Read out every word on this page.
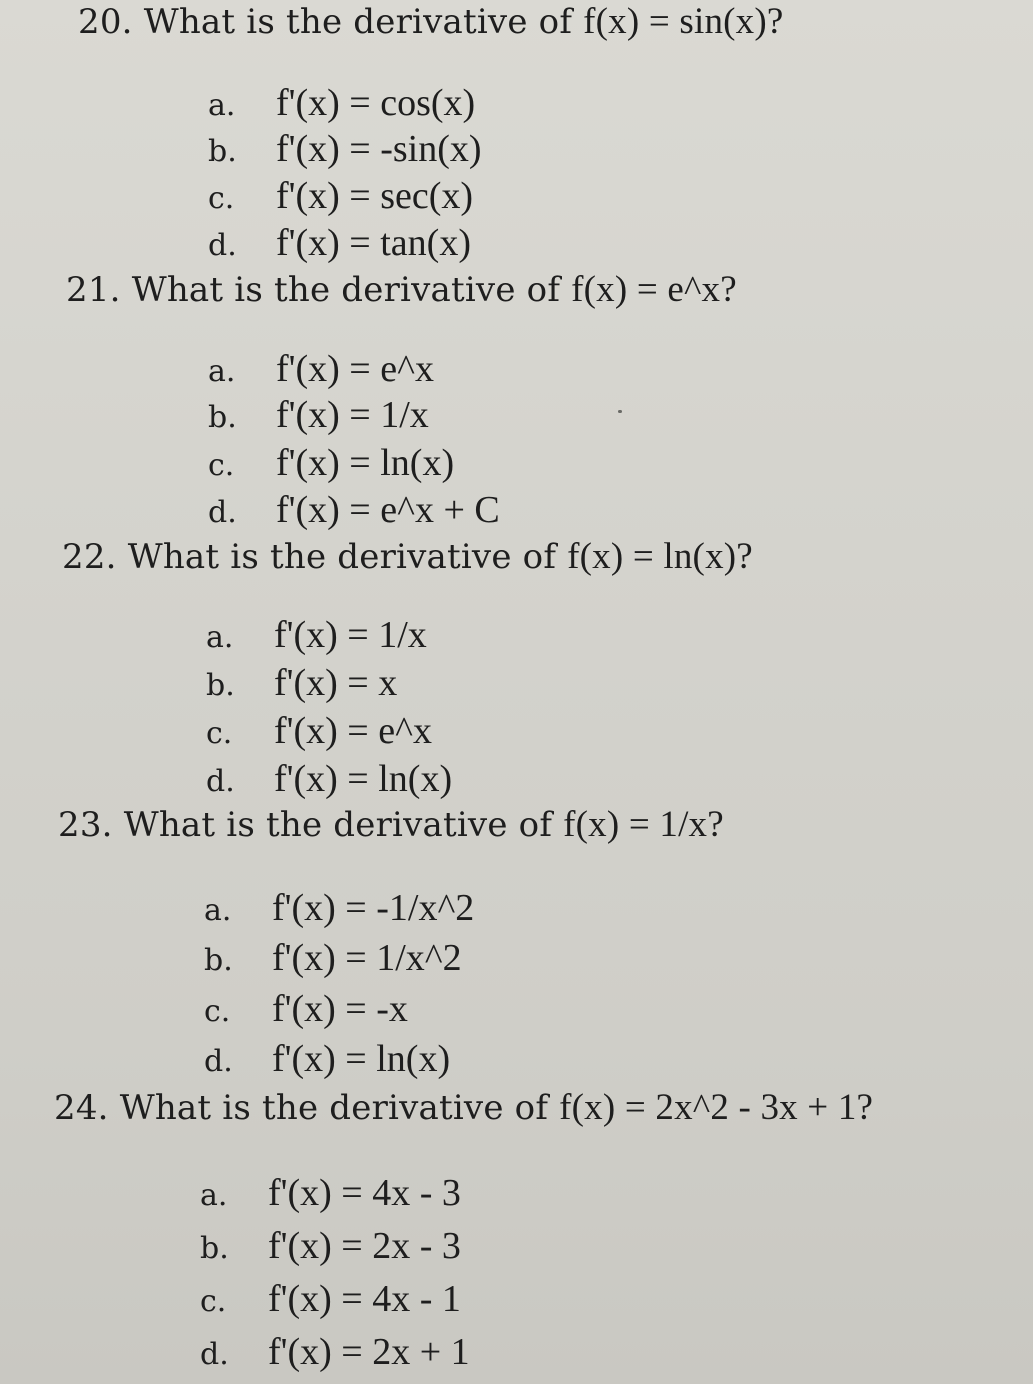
20. What is the derivative of f(x) = sin(x)?
a. f'(x) = cos(x)
b. f'(x) = -sin(x)
c. f'(x) = sec(x)
d. f'(x) = tan(x)
21. What is the derivative of f(x) = e^x?
a. f'(x) = e^x
b. f'(x) = 1/x
c. f'(x) = ln(x)
d. f'(x) = e^x + C
22. What is the derivative of f(x) = ln(x)?
a. f'(x) = 1/x
b. f'(x) = x
c. f'(x) = e^x
d. f'(x) = ln(x)
23. What is the derivative of f(x) = 1/x?
a. f'(x) = -1/x^2
b. f'(x) = 1/x^2
c. f'(x) = -x
d. f'(x) = ln(x)
24. What is the derivative of f(x) = 2x^2 - 3x + 1?
a. f'(x) = 4x - 3
b. f'(x) = 2x - 3
c. f'(x) = 4x - 1
d. f'(x) = 2x + 1
